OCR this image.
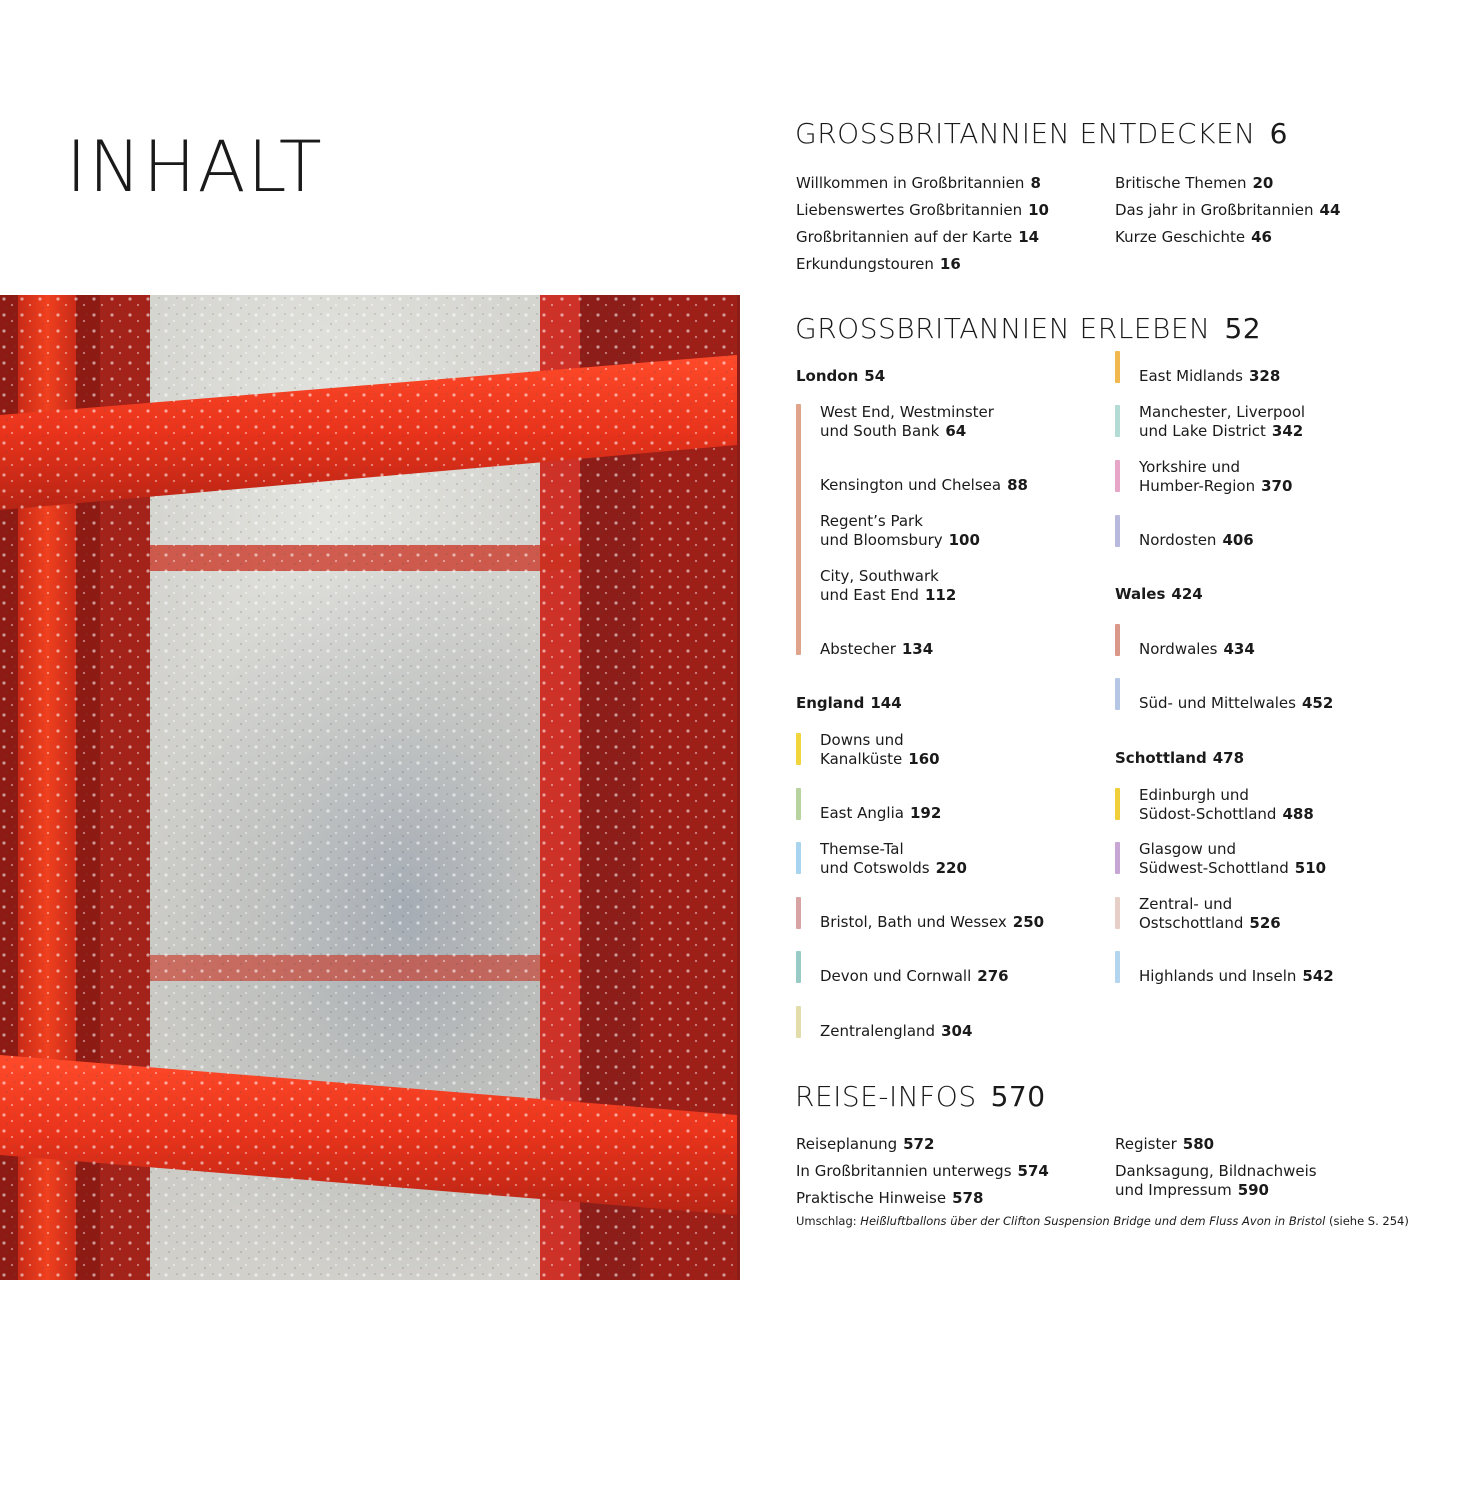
INHALT
Wie im Klischee: »englisches« Wetter
GROSSBRITANNIEN ENTDECKEN 6
Willkommen in Großbritannien 8
Liebenswertes Großbritannien 10
Großbritannien auf der Karte 14
Erkundungstouren 16
Britische Themen 20
Das jahr in Großbritannien 44
Kurze Geschichte 46
GROSSBRITANNIEN ERLEBEN 52
London 54
West End, Westminster
und South Bank 64
Kensington und Chelsea 88
Regent’s Park
und Bloomsbury 100
City, Southwark
und East End 112
Abstecher 134
England 144
Downs und
Kanalküste 160
East Anglia 192
Themse-Tal
und Cotswolds 220
Bristol, Bath und Wessex 250
Devon und Cornwall 276
Zentralengland 304
East Midlands 328
Manchester, Liverpool
und Lake District 342
Yorkshire und
Humber-Region 370
Nordosten 406
Wales 424
Nordwales 434
Süd- und Mittelwales 452
Schottland 478
Edinburgh und
Südost-Schottland 488
Glasgow und
Südwest-Schottland 510
Zentral- und
Ostschottland 526
Highlands und Inseln 542
REISE-INFOS 570
Reiseplanung 572
In Großbritannien unterwegs 574
Praktische Hinweise 578
Register 580
Danksagung, Bildnachweis
und Impressum 590
Umschlag: Heißluftballons über der Clifton Suspension Bridge und dem Fluss Avon in Bristol (siehe S. 254)
